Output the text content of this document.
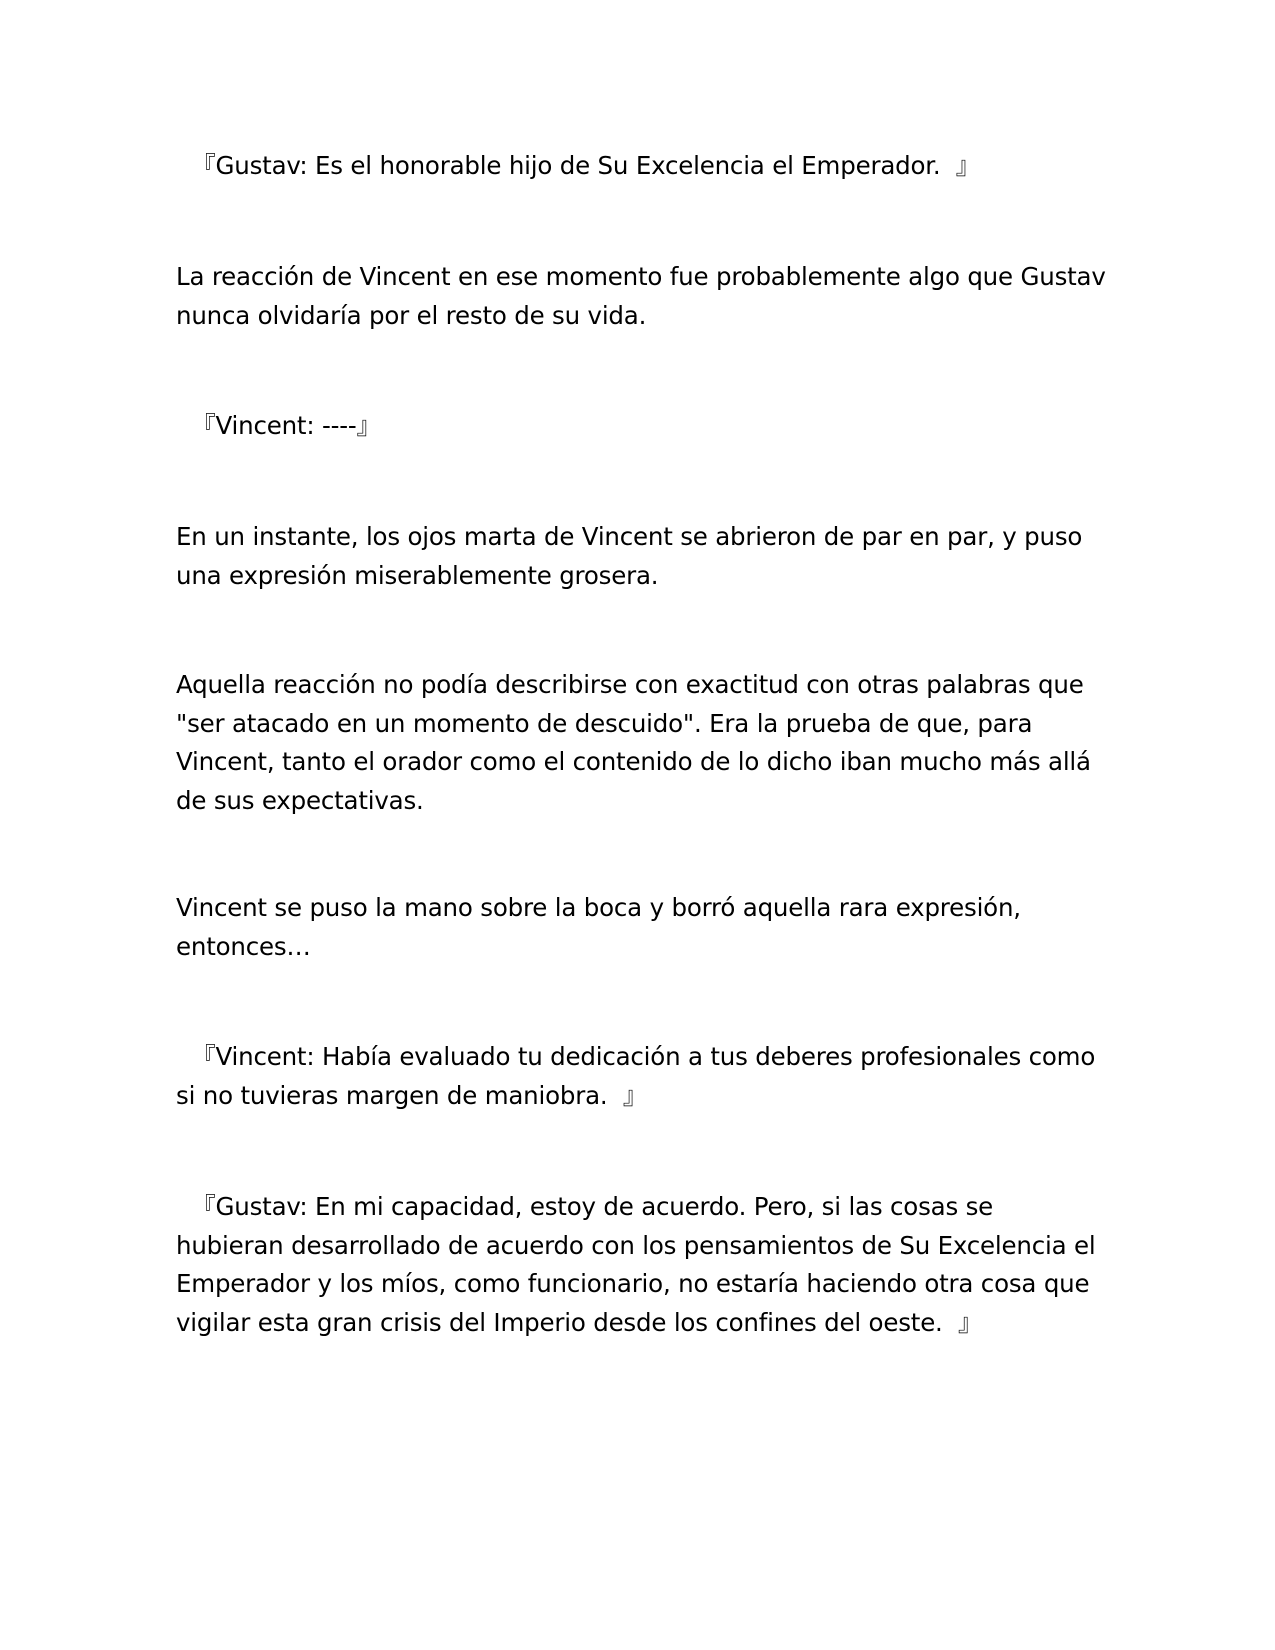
『Gustav: Es el honorable hijo de Su Excelencia el Emperador.  』

La reacción de Vincent en ese momento fue probablemente algo que Gustav nunca olvidaría por el resto de su vida.

『Vincent: ----』

En un instante, los ojos marta de Vincent se abrieron de par en par, y puso una expresión miserablemente grosera.

Aquella reacción no podía describirse con exactitud con otras palabras que "ser atacado en un momento de descuido". Era la prueba de que, para Vincent, tanto el orador como el contenido de lo dicho iban mucho más allá de sus expectativas.

Vincent se puso la mano sobre la boca y borró aquella rara expresión, entonces…

『Vincent: Había evaluado tu dedicación a tus deberes profesionales como si no tuvieras margen de maniobra.  』

『Gustav: En mi capacidad, estoy de acuerdo. Pero, si las cosas se hubieran desarrollado de acuerdo con los pensamientos de Su Excelencia el Emperador y los míos, como funcionario, no estaría haciendo otra cosa que vigilar esta gran crisis del Imperio desde los confines del oeste.  』
